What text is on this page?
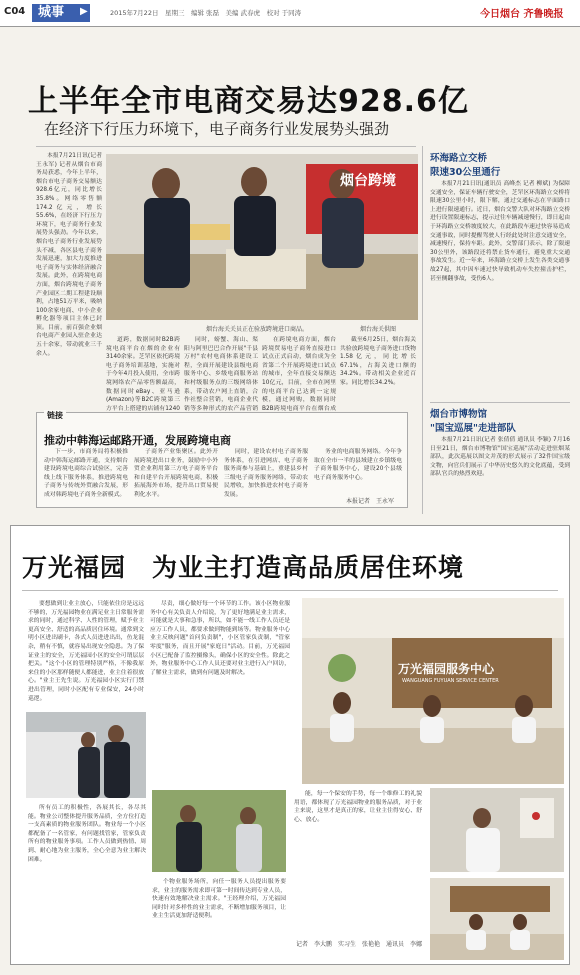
C04 城事	▶	2015年7月22日　星期三　编辑 张磊　美编 武春虎　校对 于同涛	今日烟台 齐鲁晚报
上半年全市电商交易达928.6亿
在经济下行压力环境下，电子商务行业发展势头强劲
本报7月21日讯(记者 王永军) 记者从烟台市商务局获悉，今年上半年，烟台市电子商务交易额达928.6亿元，同比增长35.8%。网络零售额174.2亿元，增长55.6%，在经济下行压力环境下，电子商务行业发展势头强劲。今年以来，烟台电子商务行业发展势头不减，各区县电子商务发展迅速，加大力度推进电子商务与实体经济融合发展。此外，在跨境电商方面，烟台跨境电子商务产业园区二期工程建设顺利，占地51万平米，吸纳100余家电商、中小企业孵化器等项目主体已封顶。目前，前百强企业烟台电商产业园入驻企业达五十余家，带动就业三千余人。
烟台跨境
烟台海关关员正在验放跨境进口商品。	烟台海关供图
道跨，数据同时B2B跨境电商平台在烟的企业有3140余家。芝罘区依托跨境电子商务培训基地，实施对于今年4月投入使用，全市跨境网络农产品零售额最高，数据同时eBay、亚马逊(Amazon)等B2C跨境第三方平台上搭建的店铺有1240
同时，螃蟹、海山、渠阳与阿里巴巴合作开展"千县万村"农村电商体系建设工程，全面开展建设县级电商服务中心、乡级电商服务站和村级服务点的三级网络体系，带动农户网上直销，合作社整合营销，电商企业代销等多种形式的农产品营销
在跨境电商方面，烟台跨境贸易电子商务直接进口试点正式启动，烟台成为全省第二个开展跨境进口试点的城市，全年直接交易额达10亿元，目前，全市在网里的电商平台已达到一定规模，通过网购，数据同时B2B跨境电商平台在烟台成
截至6月25日，烟台海关共验放跨境电子商务进口货物1.58亿元，同比增长67.1%，占海关进口额的34.2%。带动相关企业近百家。同比增长34.2%。
链接
推动中韩海运邮路开通，发展跨境电商
下一步，市商务局将积极推动中韩海运邮路开通，支持烟台建设跨境电商综合试验区，完善线上线下服务体系，推进跨境电子商务与传统外贸融合发展，形成对韩跨境电子商务全新模式。
子商务产业集聚区。此外开展跨境进出口业务，鼓励中小外贸企业利用第三方电子商务平台和自建平台开展跨境电商，积极拓展海外市场，提升出口贸易便利化水平。
同时，建设农村电子商务服务体系，在引进网店、电子商务服务商参与基础上，重建县乡村三级电子商务服务网络，带动农民增收，加快推进农村电子商务发展。
务业的电商服务网络。今年争取在全市一半的县域建立乡镇级电子商务服务中心，建设20个县级电子商务服务中心。
本报记者　王永军
环海路立交桥
限速30公里通行
本报7月21日讯(通讯员 高峰杰 记者 柳斌) 为保障交通安全，保证车辆行驶安全，芝罘区环海路立交桥将限速30公里小时，限下解，通过交通标志在平面路口上进行限速通行。近日，烟台交警大队对环海路立交桥进行设置限速标志，提示过往车辆减速慢行，即日起由于环海路立交桥坡度较大，在此路段车速过快容易造成交通事故，同时提醒驾驶人行经此处时注意交通安全，减速慢行，保持车距。此外，交警部门表示，除了限速30公里外，该路段还将禁止货车通行，避免重大交通事故发生。近一年来，环海路立交桥上发生各类交通事故27起，其中因车速过快导致机动车失控撞击护栏，甚至侧翻事故，受伤6人。
烟台市博物馆
"国宝巡展"走进部队
本报7月21日讯(记者 张倩倩 通讯员 李颖) 7月16日至21日，烟台市博物馆"国宝巡展"活动走进驻烟某部队，此次巡展以图文并茂的形式展示了32件国宝级文物，向官兵们展示了中华历史悠久的文化底蕴，受到部队官兵的热烈欢迎。
万光福园　为业主打造高品质居住环境
要想做到让业主放心，只能依住房是远远不够的，万光福园物业在满足业主日常服务需求的同时，通过科学、人性的管理，赋予业主更高安全、舒适的高品质居住环境。通常到文明小区进出刷卡，各式人员进进出出，鱼龙混杂，稍有不慎，就容易出现安全隐患。为了保证业主的安全，万光福园小区的安全可谓层层把关。"这个小区的管理特别严格，不像我原来住的小区那样随便人都能进，业主住着很放心。"业主王先生说。万光福园小区实行门禁进出管理，同时小区配有专业保安，24小时巡逻。
尽责，细心做好每一个环节的工作。该小区物业服务中心有关负责人介绍说，为了更好地满足业主需求，可能就是大事和急事，所以，如不能一线工作人员还是应万工作人员，都要求做到物能到场等。物业服务中心业主反映问题"首问负责制"，小区管家负责制，"管家零度"服务，而且开展"家庭日"活动。目前，万光福园小区已配备了监控摄像头，确保小区的安全性。除此之外，物业服务中心工作人员还要对业主进行入户回访，了解业主需求，做到有问题及时解决。	万光福园服务中心
WANGUANG FUYUAN SERVICE CENTER
所有员工的积极性，各展其长，各尽其能。物业公司整体提升服务品质，全方位打造一支高素质的物业服务团队。物业每一个小区都配备了一名管家，有问题找管家，管家负责所有的物业服务事项。工作人员做到热情、周到、耐心地为业主服务，全心全意为业主解决困难。
个物业服务场所，向任一服务人员提出服务要求，业主的服务需求即可第一时间传达到专业人员，快速有效地解决业主需求。"王经理介绍，万光福园同时针对多样性的业主需求，不断增加服务项目，让业主生活更加舒适便利。
能，每一个保安的手势，每一个维修工的礼貌用语，都体现了万光福园物业的服务品质，对于业主来说，这里才是真正的家，让业主住得安心、舒心、放心。
记者　李大鹏　实习生　张艳艳　通讯员　李娜
